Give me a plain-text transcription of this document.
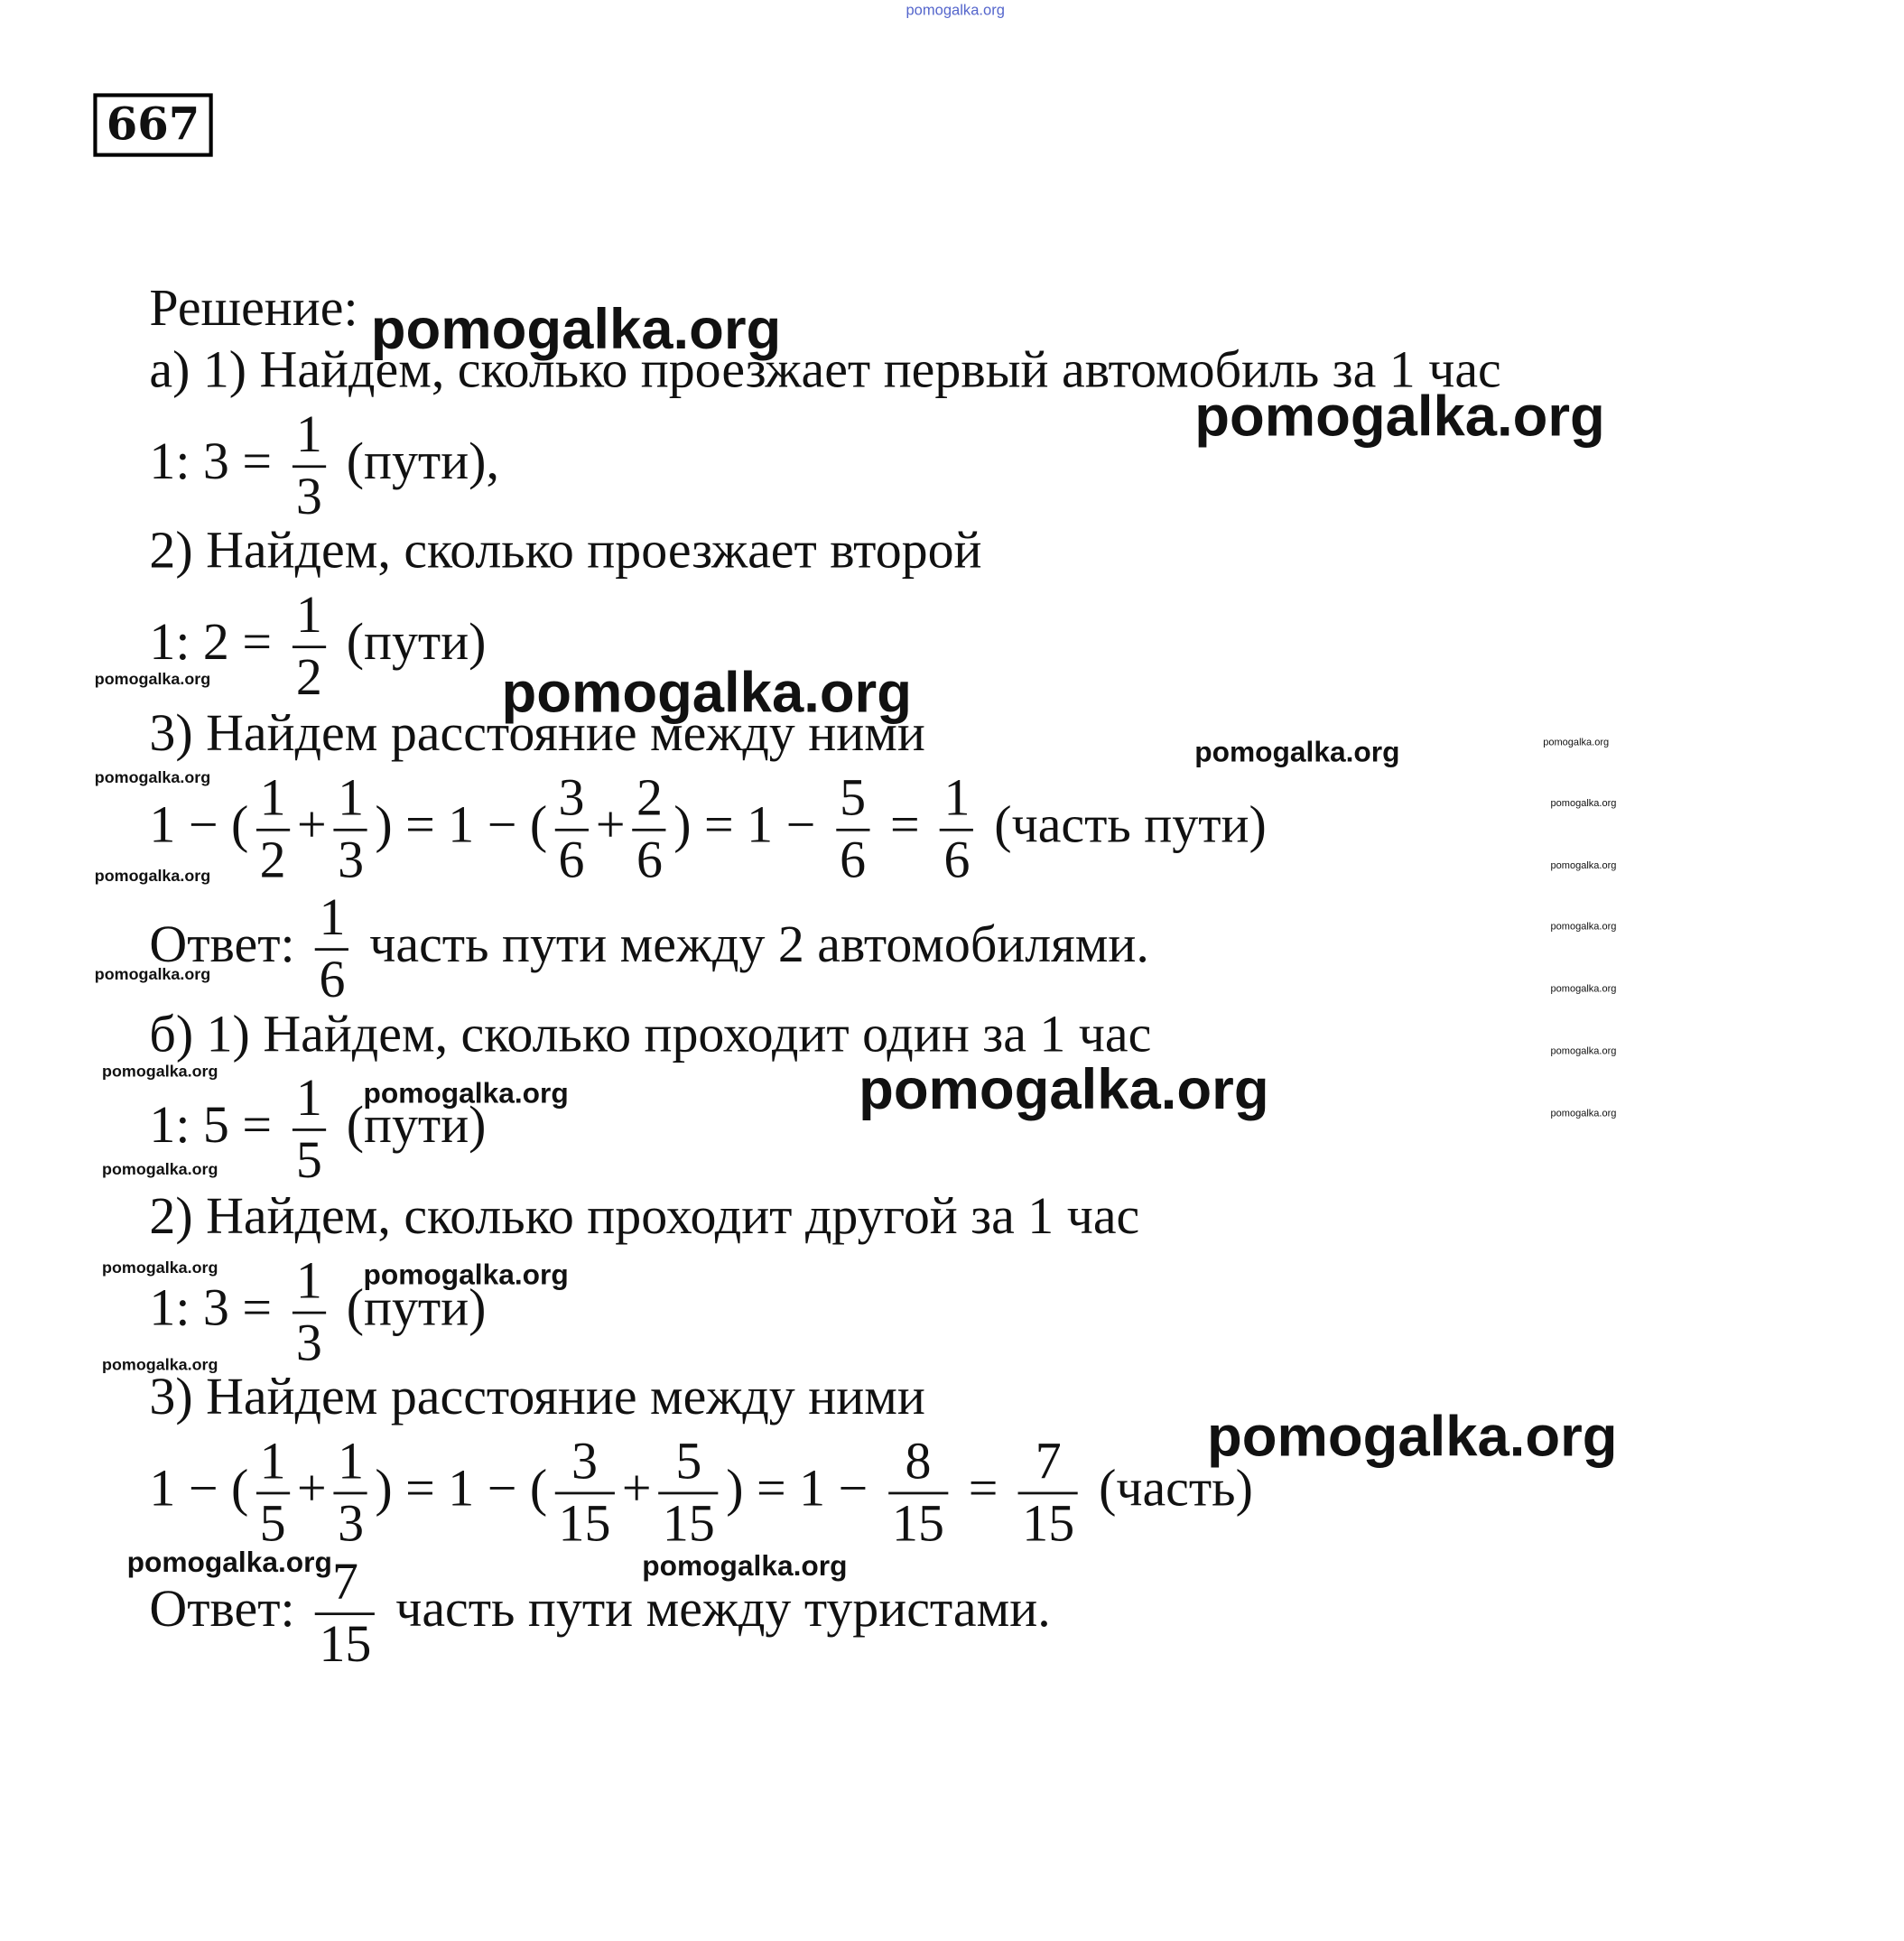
pomogalka.org
667
Решение:
а) 1) Найдем, сколько проезжает первый автомобиль за 1 час
1: $3 = \frac{1}{3}$ (пути),
2) Найдем, сколько проезжает второй
1: $2 = \frac{1}{2}$ (пути)
3) Найдем расстояние между ними
1 − ( $\frac{1}{2} + \frac{1}{3}$ ) = 1 − ( $\frac{3}{6} + \frac{2}{6}$ ) = $1 - \frac{5}{6} = \frac{1}{6}$ (часть пути)
Ответ: $\frac{1}{6}$ часть пути между 2 автомобилями.
б) 1) Найдем, сколько проходит один за 1 час
1: $5 = \frac{1}{5}$ (пути)
2) Найдем, сколько проходит другой за 1 час
1: $3 = \frac{1}{3}$ (пути)
3) Найдем расстояние между ними
1 − ( $\frac{1}{5} + \frac{1}{3}$ ) = 1 − ( $\frac{3}{15} + \frac{5}{15}$ ) = $1 - \frac{8}{15} = \frac{7}{15}$ (часть)
Ответ: $\frac{7}{15}$ часть пути между туристами.
pomogalka.org
pomogalka.org
pomogalka.org
pomogalka.org
pomogalka.org
pomogalka.org
pomogalka.org
pomogalka.org
pomogalka.org	pomogalka.org
pomogalka.org
pomogalka.org
pomogalka.org
pomogalka.org
pomogalka.org
pomogalka.org
pomogalka.org
pomogalka.org
pomogalka.org
pomogalka.org
pomogalka.org
pomogalka.org
pomogalka.org
pomogalka.org
pomogalka.org
